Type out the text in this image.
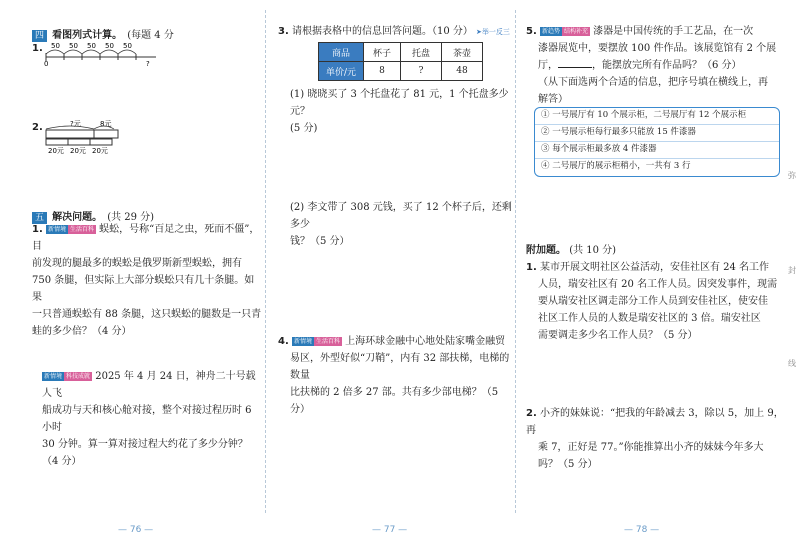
四 看图列式计算。 (每题 4 分
1. 50 50 50 50 50
0	?
2.	?元	8元
20元 20元 20元
五 解决问题。 (共 29 分)
1. 新情境 生活百科 蜈蚣，号称“百足之虫，死而不僵”，目
前发现的腿最多的蜈蚣是俄罗斯新型蜈蚣，拥有
750 条腿，但实际上大部分蜈蚣只有几十条腿。如果
一只普通蜈蚣有 88 条腿，这只蜈蚣的腿数是一只青
蛙的多少倍？（4 分）
新情境 科技成就 2025 年 4 月 24 日，神舟二十号载人飞
船成功与天和核心舱对接，整个对接过程历时 6 小时
30 分钟。算一算对接过程大约花了多少分钟？（4 分）
— 76 —
3. 请根据表格中的信息回答问题。（10 分） ➤举一反三
商品	杯子	托盘	茶壶
单价/元	8	?	48
(1) 晓晓买了 3 个托盘花了 81 元，1 个托盘多少元？
(5 分)
(2) 李文带了 308 元钱，买了 12 个杯子后，还剩多少
钱？（5 分）
4. 新情境 生活百科 上海环球金融中心地处陆家嘴金融贸
易区，外型好似“刀鞘”，内有 32 部扶梯，电梯的数量
比扶梯的 2 倍多 27 部。共有多少部电梯？（5 分）
— 77 —
5. 新趋势 结构补充 漆器是中国传统的手工艺品，在一次
漆器展览中，要摆放 100 件作品。该展览馆有 2 个展
厅，	，能摆放完所有作品吗？（6 分）
（从下面选两个合适的信息，把序号填在横线上，再
解答）
① 一号展厅有 10 个展示柜，二号展厅有 12 个展示柜
② 一号展示柜每行最多只能放 15 件漆器
③ 每个展示柜最多放 4 件漆器
④ 二号展厅的展示柜稍小，一共有 3 行
附加题。 (共 10 分)
1. 某市开展文明社区公益活动，安佳社区有 24 名工作
人员，瑞安社区有 20 名工作人员。因突发事件，现需
要从瑞安社区调走部分工作人员到安佳社区，使安佳
社区工作人员的人数是瑞安社区的 3 倍。瑞安社区
需要调走多少名工作人员？（5 分）
2. 小齐的妹妹说：“把我的年龄减去 3，除以 5，加上 9，再
乘 7，正好是 77。”你能推算出小齐的妹妹今年多大
吗？（5 分）
弥
封
线
— 78 —
